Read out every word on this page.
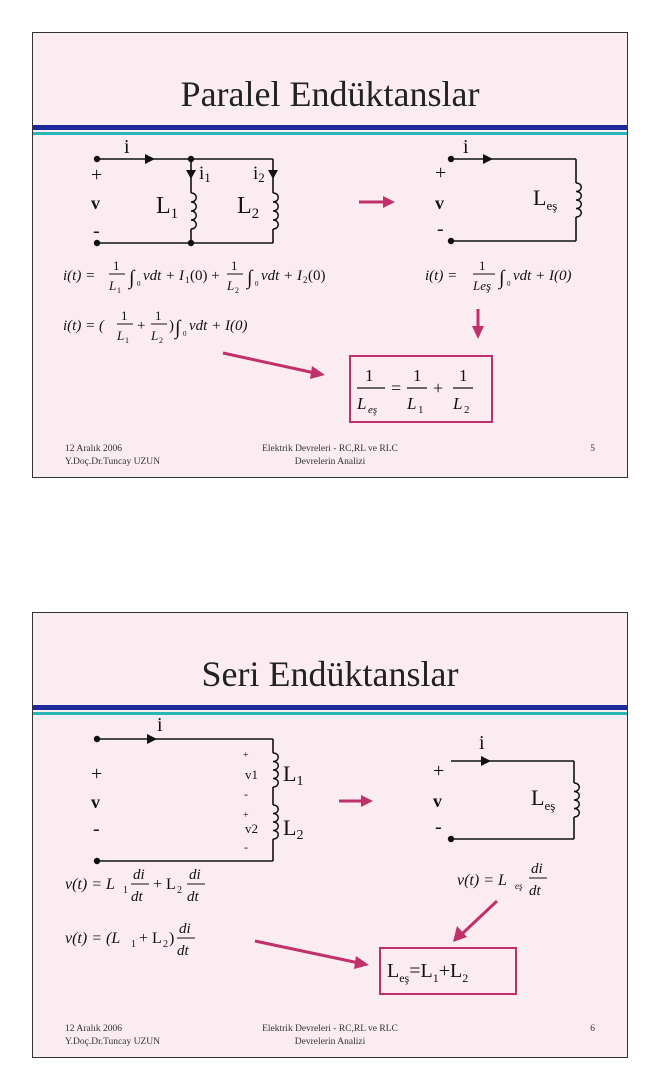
Paralel Endüktanslar
i
i1 i2
+
v
-
$L_1$ $L_2$
i
+
v
-
$L_{eş}$
i(t) =
1
L 1
∫ 0 vdt + I 1 (0) +
1
L 2
∫ 0 vdt + I 2 (0)
i(t) = (
1
L 1
+
1
L 2
) ∫ 0 vdt + I(0)
i(t) =
1
Leş ∫ 0 vdt + I(0)
1
L eş
=
1
L 1
+
1
L 2
12 Aralık 2006
Y.Doç.Dr.Tuncay UZUN
Elektrik Devreleri - RC,RL ve RLC
Devrelerin Analizi
5
Seri Endüktanslar
i
+
v
-
+
v1
-
+
v2
-
L1
L2
i
+
v
-
$L_{eş}$
v(t) = L 1
di
dt
+ L 2
di
dt
v(t) = (L 1 + L 2 )
di
dt
v(t) = L eş
di
dt
$L_{eş}=L_1+L_2$
12 Aralık 2006
Y.Doç.Dr.Tuncay UZUN
Elektrik Devreleri - RC,RL ve RLC
Devrelerin Analizi
6
